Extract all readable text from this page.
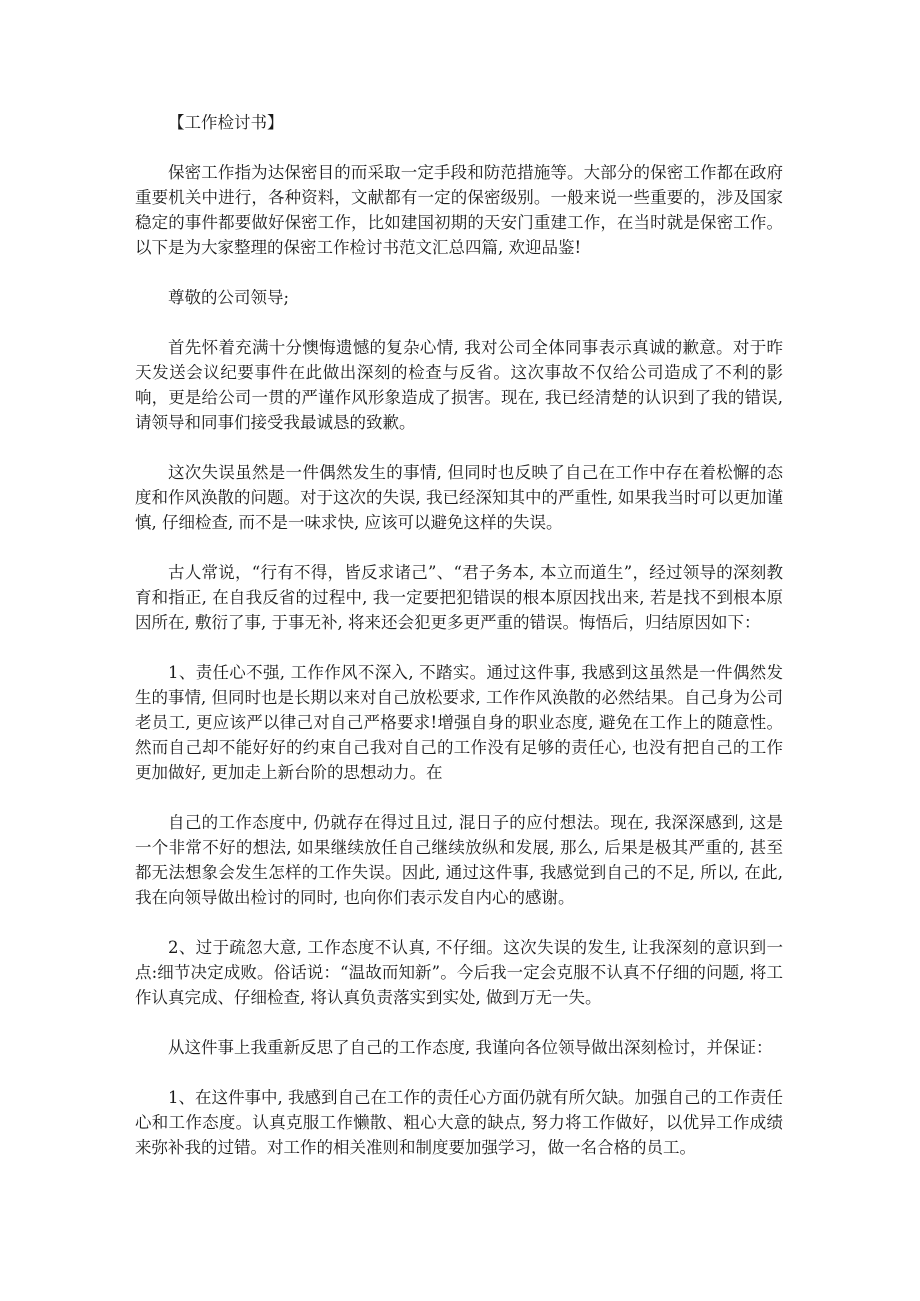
【工作检讨书】

保密工作指为达保密目的而采取一定手段和防范措施等。大部分的保密工作都在政府重要机关中进行，各种资料，文献都有一定的保密级别。一般来说一些重要的，涉及国家稳定的事件都要做好保密工作，比如建国初期的天安门重建工作，在当时就是保密工作。以下是为大家整理的保密工作检讨书范文汇总四篇, 欢迎品鉴!

尊敬的公司领导;

首先怀着充满十分懊悔遗憾的复杂心情, 我对公司全体同事表示真诚的歉意。对于昨天发送会议纪要事件在此做出深刻的检查与反省。这次事故不仅给公司造成了不利的影响，更是给公司一贯的严谨作风形象造成了损害。现在, 我已经清楚的认识到了我的错误, 请领导和同事们接受我最诚恳的致歉。

这次失误虽然是一件偶然发生的事情, 但同时也反映了自己在工作中存在着松懈的态度和作风涣散的问题。对于这次的失误, 我已经深知其中的严重性, 如果我当时可以更加谨慎, 仔细检查, 而不是一味求快, 应该可以避免这样的失误。

古人常说，“行有不得，皆反求诸己”、“君子务本, 本立而道生”，经过领导的深刻教育和指正, 在自我反省的过程中, 我一定要把犯错误的根本原因找出来, 若是找不到根本原因所在, 敷衍了事, 于事无补, 将来还会犯更多更严重的错误。悔悟后，归结原因如下：

1、责任心不强, 工作作风不深入, 不踏实。通过这件事, 我感到这虽然是一件偶然发生的事情, 但同时也是长期以来对自己放松要求, 工作作风涣散的必然结果。自己身为公司老员工, 更应该严以律己对自己严格要求!增强自身的职业态度, 避免在工作上的随意性。然而自己却不能好好的约束自己我对自己的工作没有足够的责任心, 也没有把自己的工作更加做好, 更加走上新台阶的思想动力。在

自己的工作态度中, 仍就存在得过且过, 混日子的应付想法。现在, 我深深感到, 这是一个非常不好的想法, 如果继续放任自己继续放纵和发展, 那么, 后果是极其严重的, 甚至都无法想象会发生怎样的工作失误。因此, 通过这件事, 我感觉到自己的不足, 所以, 在此, 我在向领导做出检讨的同时, 也向你们表示发自内心的感谢。

2、过于疏忽大意, 工作态度不认真, 不仔细。这次失误的发生, 让我深刻的意识到一点:细节决定成败。俗话说：“温故而知新”。今后我一定会克服不认真不仔细的问题, 将工作认真完成、仔细检查, 将认真负责落实到实处, 做到万无一失。

从这件事上我重新反思了自己的工作态度, 我谨向各位领导做出深刻检讨，并保证：

1、在这件事中, 我感到自己在工作的责任心方面仍就有所欠缺。加强自己的工作责任心和工作态度。认真克服工作懒散、粗心大意的缺点, 努力将工作做好，以优异工作成绩来弥补我的过错。对工作的相关准则和制度要加强学习，做一名合格的员工。
